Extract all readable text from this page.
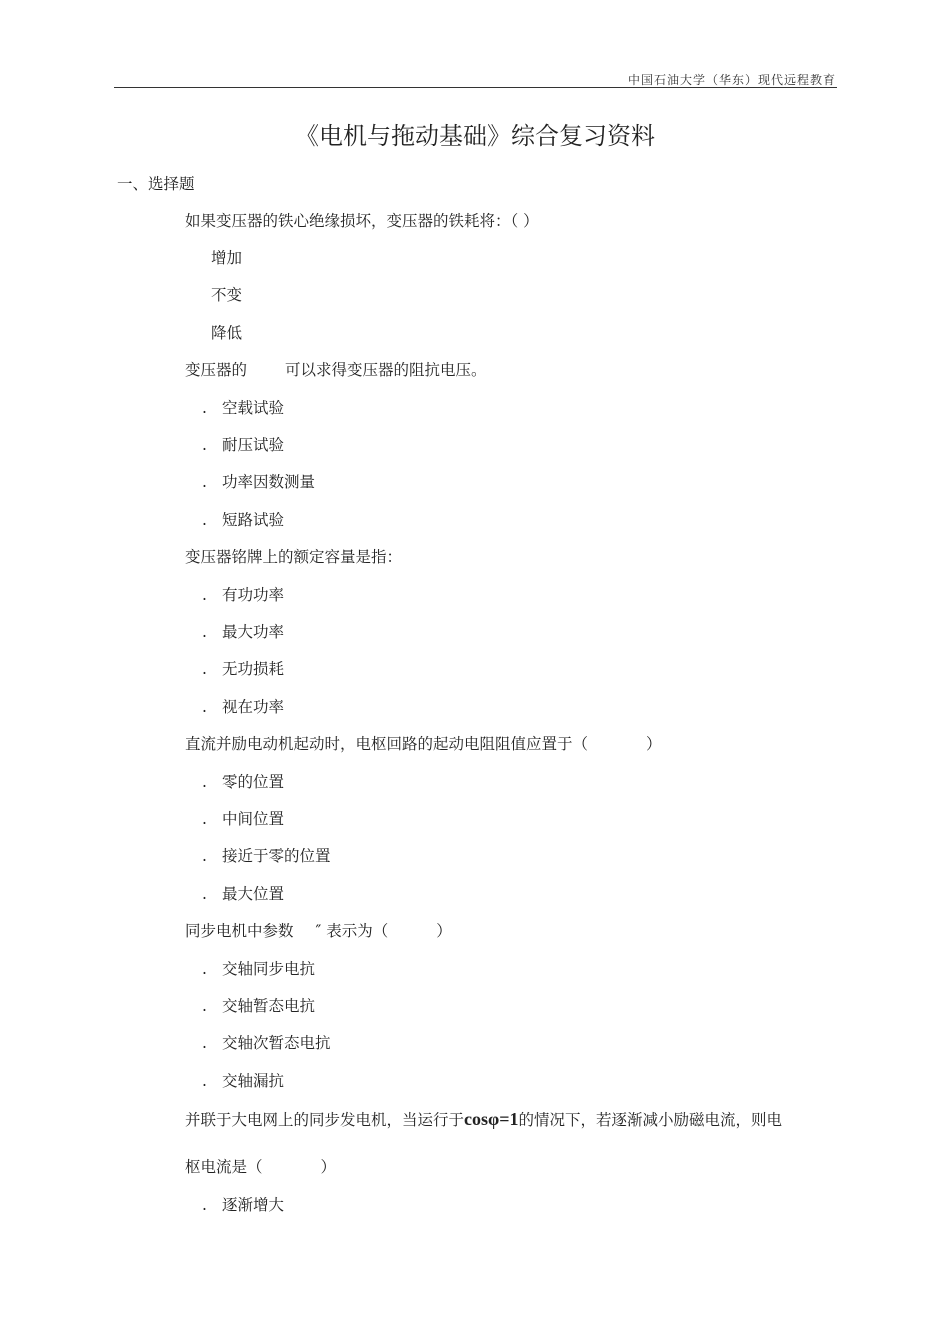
中国石油大学（华东）现代远程教育
《电机与拖动基础》综合复习资料
一、选择题
如果变压器的铁心绝缘损坏，变压器的铁耗将：（ ）
增加
不变
降低
变压器的 可以求得变压器的阻抗电压。
. 空载试验
. 耐压试验
. 功率因数测量
. 短路试验
变压器铭牌上的额定容量是指：
. 有功功率
. 最大功率
. 无功损耗
. 视在功率
直流并励电动机起动时，电枢回路的起动电阻阻值应置于（	）
. 零的位置
. 中间位置
. 接近于零的位置
. 最大位置
同步电机中参数 ″ 表示为（	）
. 交轴同步电抗
. 交轴暂态电抗
. 交轴次暂态电抗
. 交轴漏抗
并联于大电网上的同步发电机，当运行于cosφ=1的情况下，若逐渐减小励磁电流，则电
枢电流是（	）
. 逐渐增大
